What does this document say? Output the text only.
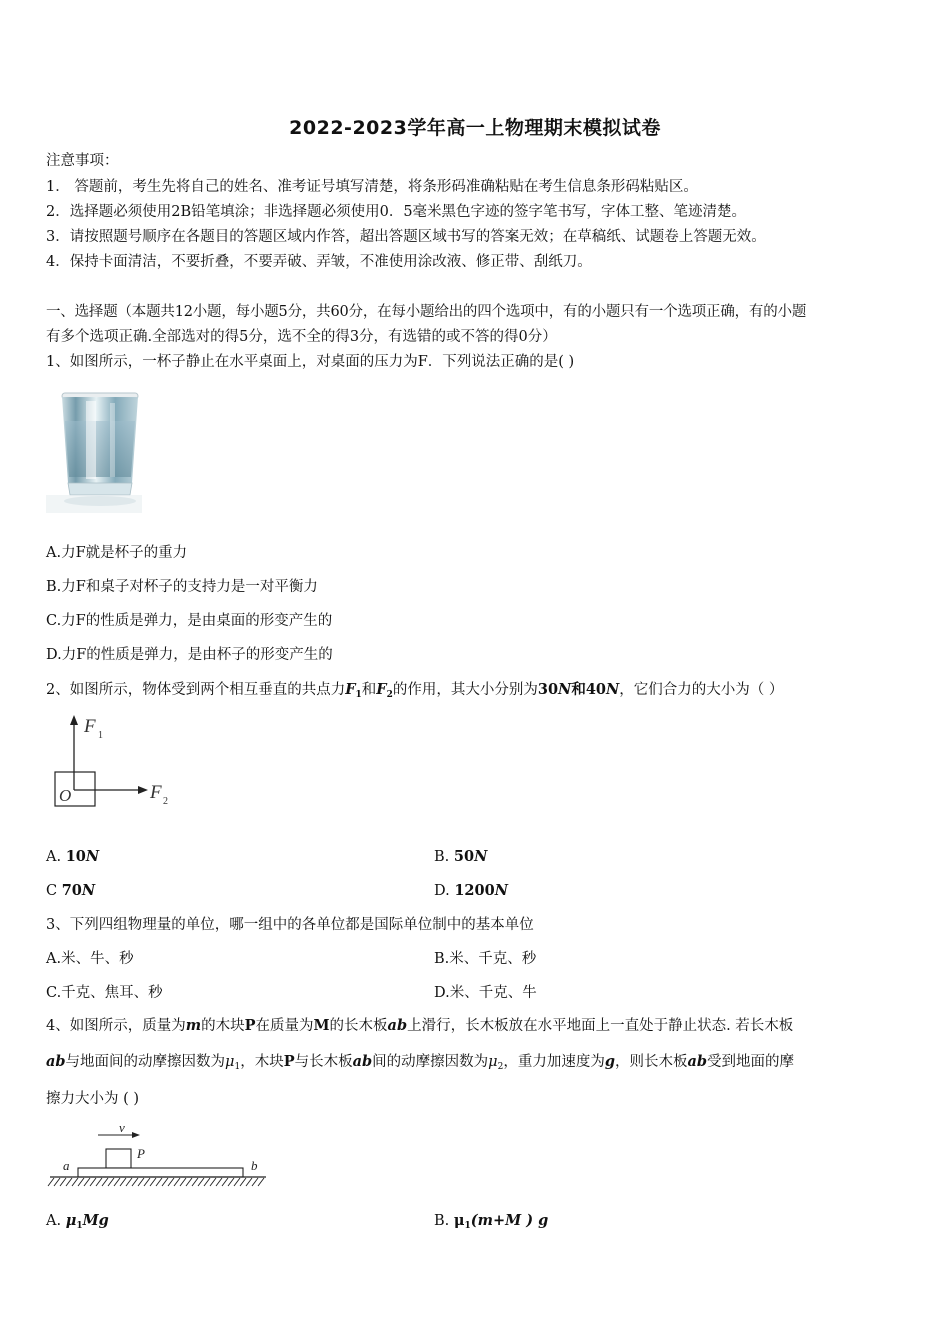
2022-2023学年高一上物理期末模拟试卷
注意事项：
1． 答题前，考生先将自己的姓名、准考证号填写清楚，将条形码准确粘贴在考生信息条形码粘贴区。
2．选择题必须使用2B铅笔填涂；非选择题必须使用0．5毫米黑色字迹的签字笔书写，字体工整、笔迹清楚。
3．请按照题号顺序在各题目的答题区域内作答，超出答题区域书写的答案无效；在草稿纸、试题卷上答题无效。
4．保持卡面清洁，不要折叠，不要弄破、弄皱，不准使用涂改液、修正带、刮纸刀。
一、选择题（本题共12小题，每小题5分，共60分，在每小题给出的四个选项中，有的小题只有一个选项正确，有的小题
有多个选项正确.全部选对的得5分，选不全的得3分，有选错的或不答的得0分）
1、如图所示，一杯子静止在水平桌面上，对桌面的压力为F．下列说法正确的是( )
A.力F就是杯子的重力
B.力F和桌子对杯子的支持力是一对平衡力
C.力F的性质是弹力，是由桌面的形变产生的
D.力F的性质是弹力，是由杯子的形变产生的
2、如图所示，物体受到两个相互垂直的共点力$F_1$和$F_2$的作用，其大小分别为30N和40N，它们合力的大小为（ ）
F 1
F 2
O
A. 10N	B. 50N
C 70N	D. 1200N
3、下列四组物理量的单位，哪一组中的各单位都是国际单位制中的基本单位
A.米、牛、秒	B.米、千克、秒
C.千克、焦耳、秒	D.米、千克、牛
4、如图所示，质量为m的木块P在质量为M的长木板ab上滑行，长木板放在水平地面上一直处于静止状态. 若长木板
ab与地面间的动摩擦因数为$\mu_1$，木块P与长木板ab间的动摩擦因数为$\mu_2$，重力加速度为g，则长木板ab受到地面的摩
擦力大小为 ( )
v
P
a	b
A. $\mu_1Mg$	B. $\mu_1(m+M$ ) g
